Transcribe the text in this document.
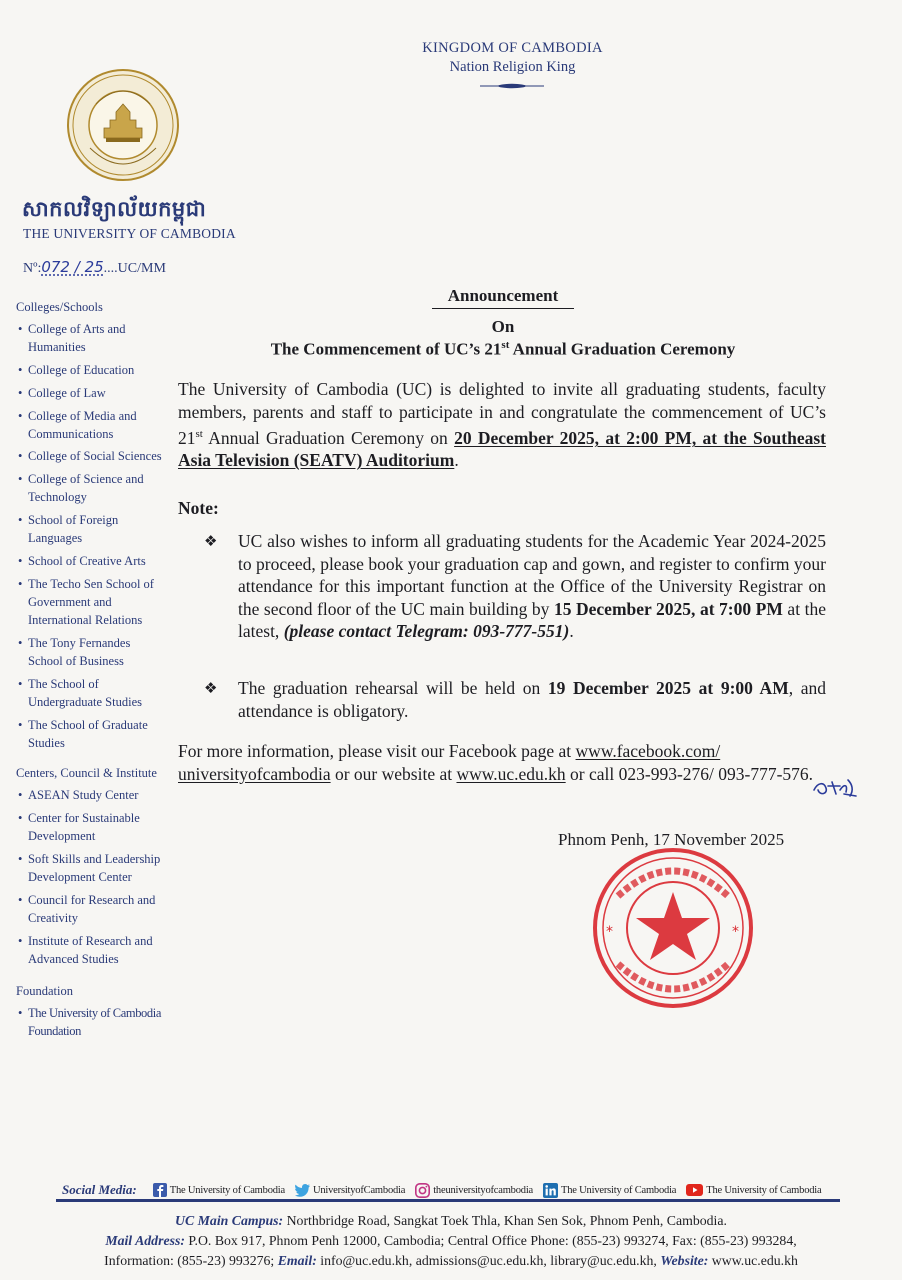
KINGDOM OF CAMBODIA
Nation Religion King
សាកលវិទ្យាល័យកម្ពុជា
THE UNIVERSITY OF CAMBODIA
Nº:072 / 25....UC/MM
Colleges/Schools
• College of Arts and Humanities
• College of Education
• College of Law
• College of Media and Communications
• College of Social Sciences
• College of Science and Technology
• School of Foreign Languages
• School of Creative Arts
• The Techo Sen School of Government and International Relations
• The Tony Fernandes School of Business
• The School of Undergraduate Studies
• The School of Graduate Studies
Centers, Council & Institute
• ASEAN Study Center
• Center for Sustainable Development
• Soft Skills and Leadership Development Center
• Council for Research and Creativity
• Institute of Research and Advanced Studies
Foundation
• The University of Cambodia Foundation
Announcement
On
The Commencement of UC’s 21st Annual Graduation Ceremony
The University of Cambodia (UC) is delighted to invite all graduating students, faculty members, parents and staff to participate in and congratulate the commencement of UC’s 21st Annual Graduation Ceremony on 20 December 2025, at 2:00 PM, at the Southeast Asia Television (SEATV) Auditorium.
Note:
❖ UC also wishes to inform all graduating students for the Academic Year 2024-2025 to proceed, please book your graduation cap and gown, and register to confirm your attendance for this important function at the Office of the University Registrar on the second floor of the UC main building by 15 December 2025, at 7:00 PM at the latest, (please contact Telegram: 093-777-551).
❖ The graduation rehearsal will be held on 19 December 2025 at 9:00 AM, and attendance is obligatory.
For more information, please visit our Facebook page at www.facebook.com/ universityofcambodia or our website at www.uc.edu.kh or call 023-993-276/ 093-777-576.
Phnom Penh, 17 November 2025
*	*
Social Media:	The University of Cambodia	UniversityofCambodia	theuniversityofcambodia	The University of Cambodia	The University of Cambodia
UC Main Campus: Northbridge Road, Sangkat Toek Thla, Khan Sen Sok, Phnom Penh, Cambodia.
Mail Address: P.O. Box 917, Phnom Penh 12000, Cambodia; Central Office Phone: (855-23) 993274, Fax: (855-23) 993284,
Information: (855-23) 993276; Email: info@uc.edu.kh, admissions@uc.edu.kh, library@uc.edu.kh, Website: www.uc.edu.kh
